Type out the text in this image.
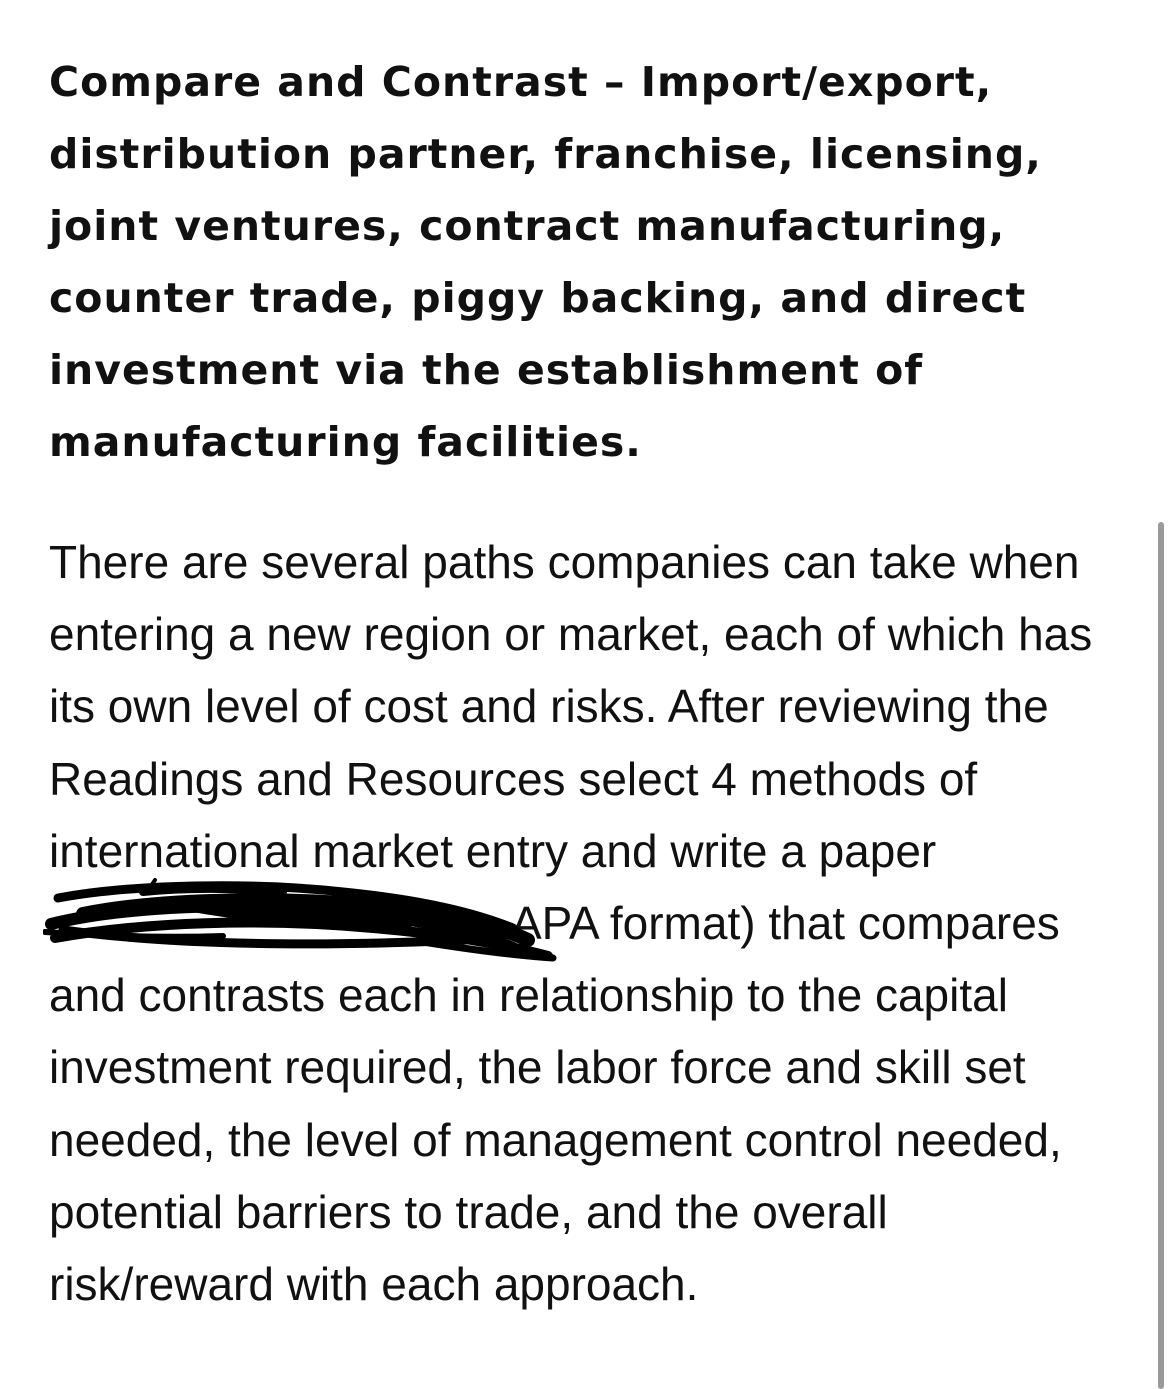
Compare and Contrast – Import/export,
distribution partner, franchise, licensing,
joint ventures, contract manufacturing,
counter trade, piggy backing, and direct
investment via the establishment of
manufacturing facilities.

There are several paths companies can take when
entering a new region or market, each of which has
its own level of cost and risks. After reviewing the
Readings and Resources select 4 methods of
international market entry and write a paper
APA format) that compares
and contrasts each in relationship to the capital
investment required, the labor force and skill set
needed, the level of management control needed,
potential barriers to trade, and the overall
risk/reward with each approach.
